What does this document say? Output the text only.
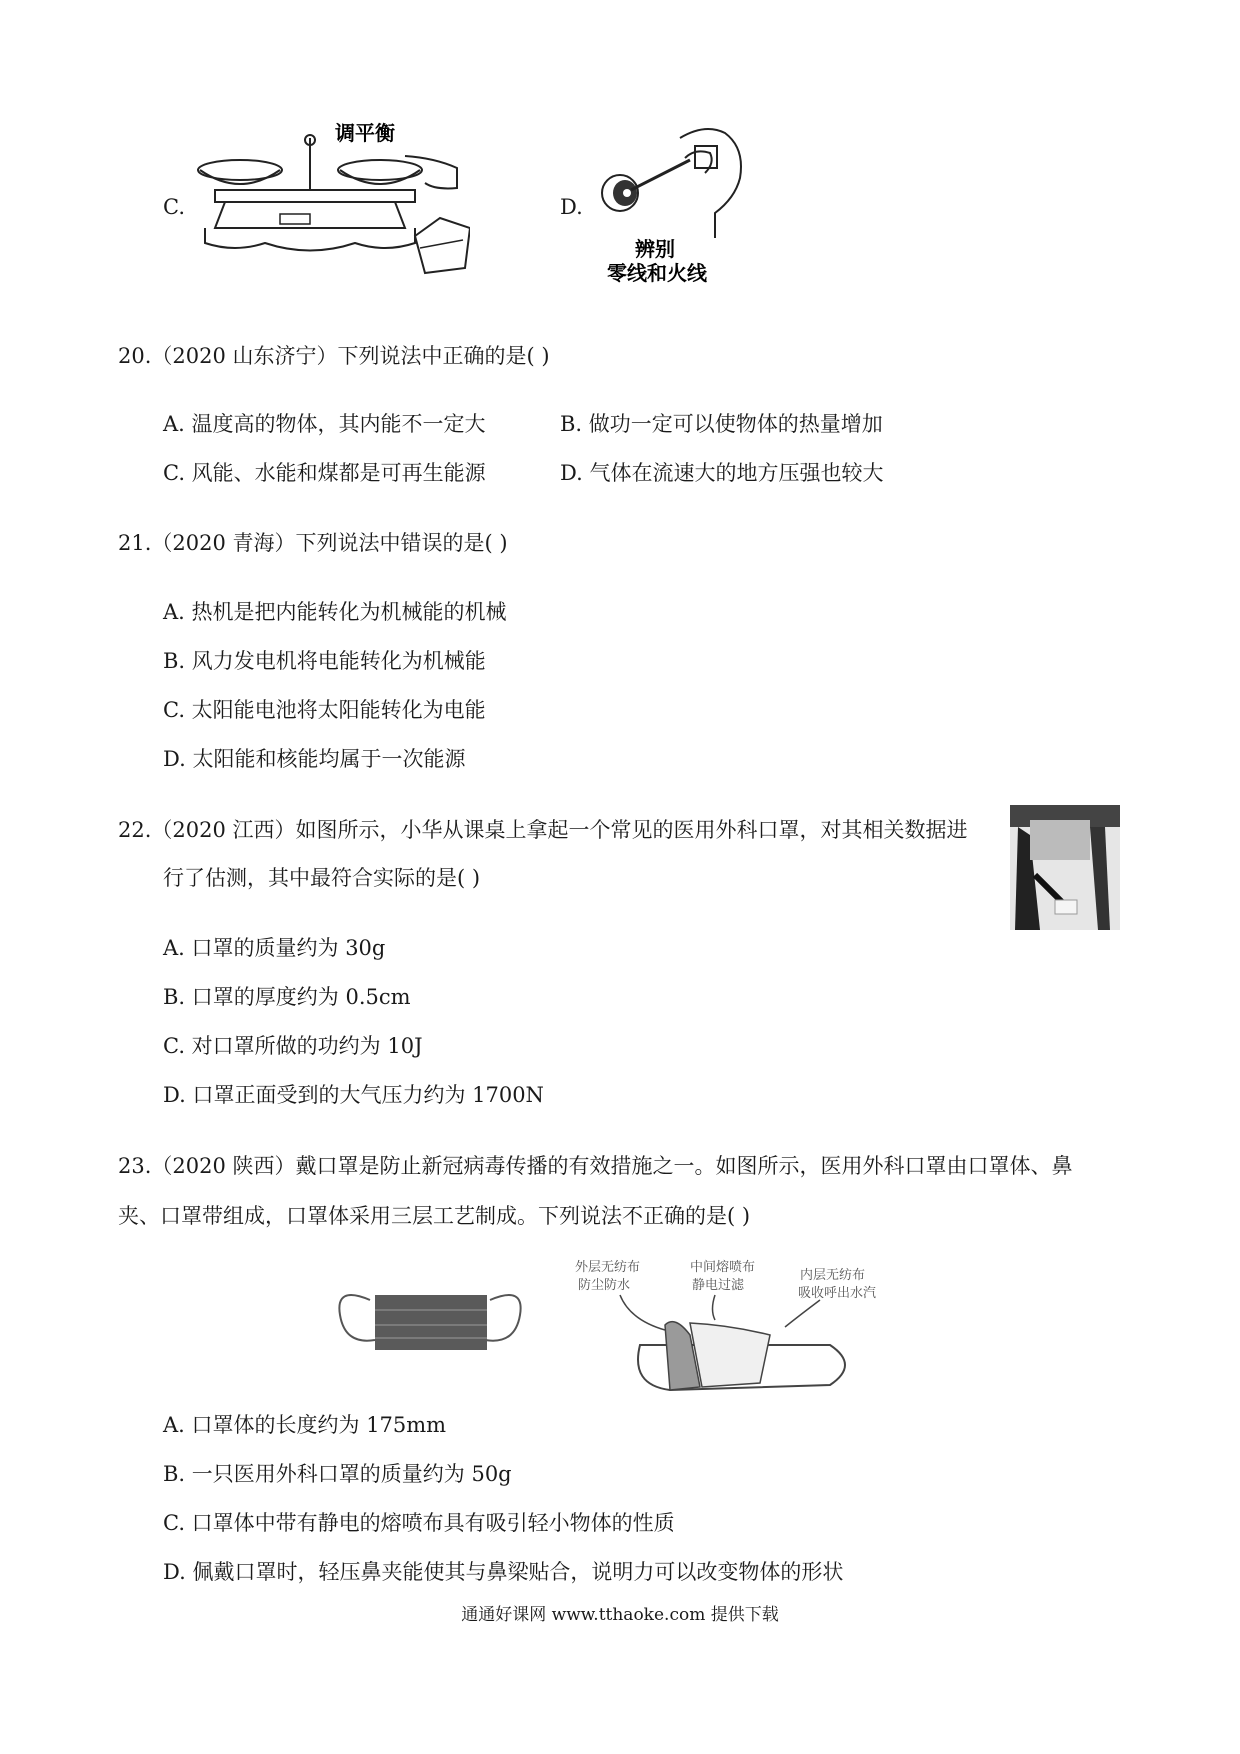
C.
调平衡
D.
辨别
零线和火线
20.（2020 山东济宁）下列说法中正确的是( )
A. 温度高的物体，其内能不一定大	B. 做功一定可以使物体的热量增加
C. 风能、水能和煤都是可再生能源	D. 气体在流速大的地方压强也较大
21.（2020 青海）下列说法中错误的是( )
A. 热机是把内能转化为机械能的机械
B. 风力发电机将电能转化为机械能
C. 太阳能电池将太阳能转化为电能
D. 太阳能和核能均属于一次能源
22.（2020 江西）如图所示，小华从课桌上拿起一个常见的医用外科口罩，对其相关数据进
行了估测，其中最符合实际的是( )
A. 口罩的质量约为 30g
B. 口罩的厚度约为 0.5cm
C. 对口罩所做的功约为 10J
D. 口罩正面受到的大气压力约为 1700N
23.（2020 陕西）戴口罩是防止新冠病毒传播的有效措施之一。如图所示，医用外科口罩由口罩体、鼻
夹、口罩带组成，口罩体采用三层工艺制成。下列说法不正确的是( )
外层无纺布
防尘防水
中间熔喷布
静电过滤
内层无纺布
吸收呼出水汽
A. 口罩体的长度约为 175mm
B. 一只医用外科口罩的质量约为 50g
C. 口罩体中带有静电的熔喷布具有吸引轻小物体的性质
D. 佩戴口罩时，轻压鼻夹能使其与鼻梁贴合，说明力可以改变物体的形状
通通好课网 www.tthaoke.com 提供下载
